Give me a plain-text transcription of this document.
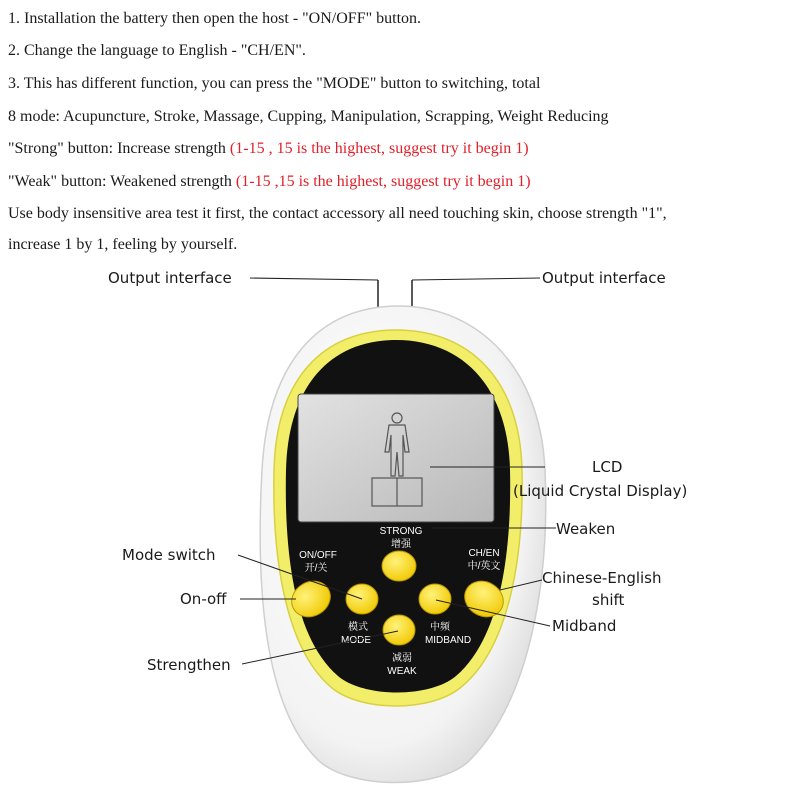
1. Installation the battery then open the host - "ON/OFF" button.
2. Change the language to English - "CH/EN".
3. This has different function, you can press the "MODE" button to switching, total
8 mode: Acupuncture, Stroke, Massage, Cupping, Manipulation, Scrapping, Weight Reducing
"Strong" button: Increase strength (1-15 , 15 is the highest, suggest try it begin 1)
"Weak" button: Weakened strength (1-15 ,15 is the highest, suggest try it begin 1)
Use body insensitive area test it first, the contact accessory all need touching skin, choose strength "1",
increase 1 by 1, feeling by yourself.
LCD
(Liquid Crystal Display)
Weaken
STRONG
增强
ON/OFF
开/关
CH/EN
中/英文
模式
MODE
中频
MIDBAND
减弱
WEAK
Mode switch
On-off
Strengthen
Chinese-English
shift
Midband
Output interface	Output interface
